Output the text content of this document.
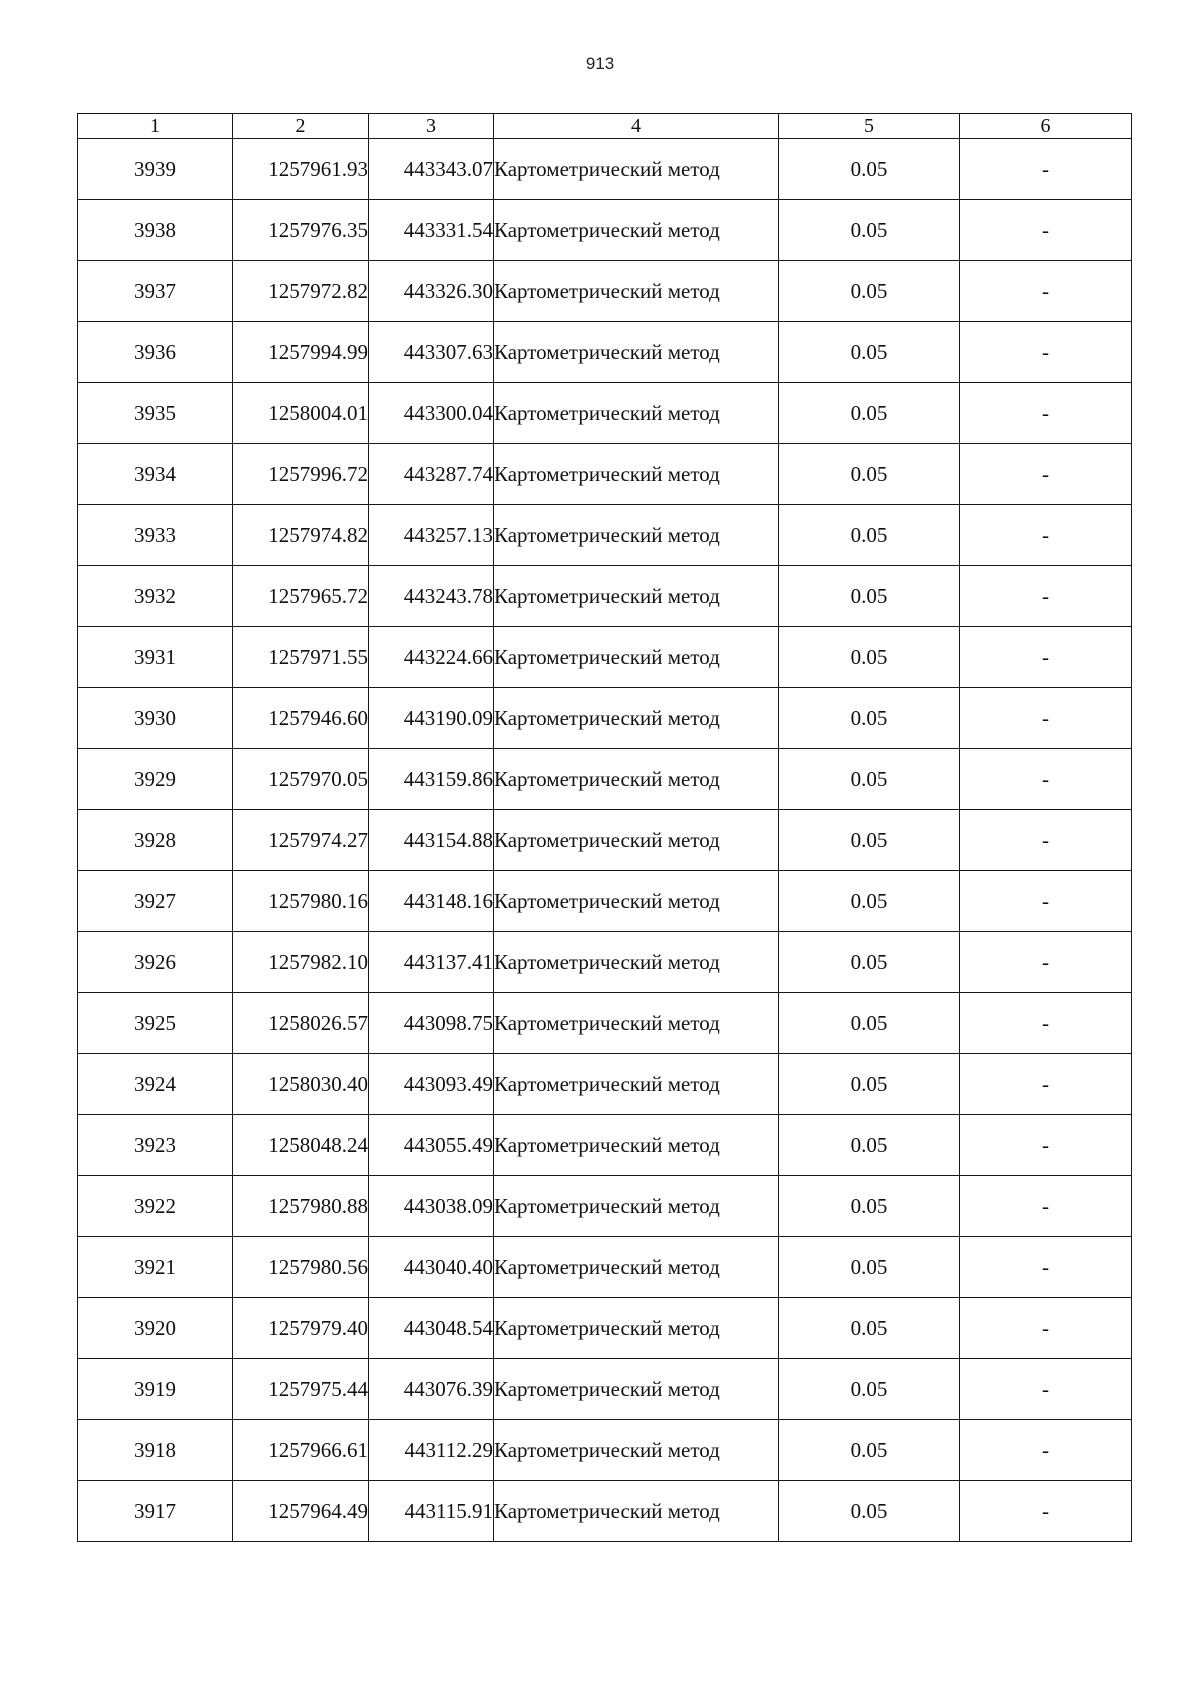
913
1	2	3	4	5	6
3939	1257961.93	443343.07	Картометрический метод	0.05	-
3938	1257976.35	443331.54	Картометрический метод	0.05	-
3937	1257972.82	443326.30	Картометрический метод	0.05	-
3936	1257994.99	443307.63	Картометрический метод	0.05	-
3935	1258004.01	443300.04	Картометрический метод	0.05	-
3934	1257996.72	443287.74	Картометрический метод	0.05	-
3933	1257974.82	443257.13	Картометрический метод	0.05	-
3932	1257965.72	443243.78	Картометрический метод	0.05	-
3931	1257971.55	443224.66	Картометрический метод	0.05	-
3930	1257946.60	443190.09	Картометрический метод	0.05	-
3929	1257970.05	443159.86	Картометрический метод	0.05	-
3928	1257974.27	443154.88	Картометрический метод	0.05	-
3927	1257980.16	443148.16	Картометрический метод	0.05	-
3926	1257982.10	443137.41	Картометрический метод	0.05	-
3925	1258026.57	443098.75	Картометрический метод	0.05	-
3924	1258030.40	443093.49	Картометрический метод	0.05	-
3923	1258048.24	443055.49	Картометрический метод	0.05	-
3922	1257980.88	443038.09	Картометрический метод	0.05	-
3921	1257980.56	443040.40	Картометрический метод	0.05	-
3920	1257979.40	443048.54	Картометрический метод	0.05	-
3919	1257975.44	443076.39	Картометрический метод	0.05	-
3918	1257966.61	443112.29	Картометрический метод	0.05	-
3917	1257964.49	443115.91	Картометрический метод	0.05	-
